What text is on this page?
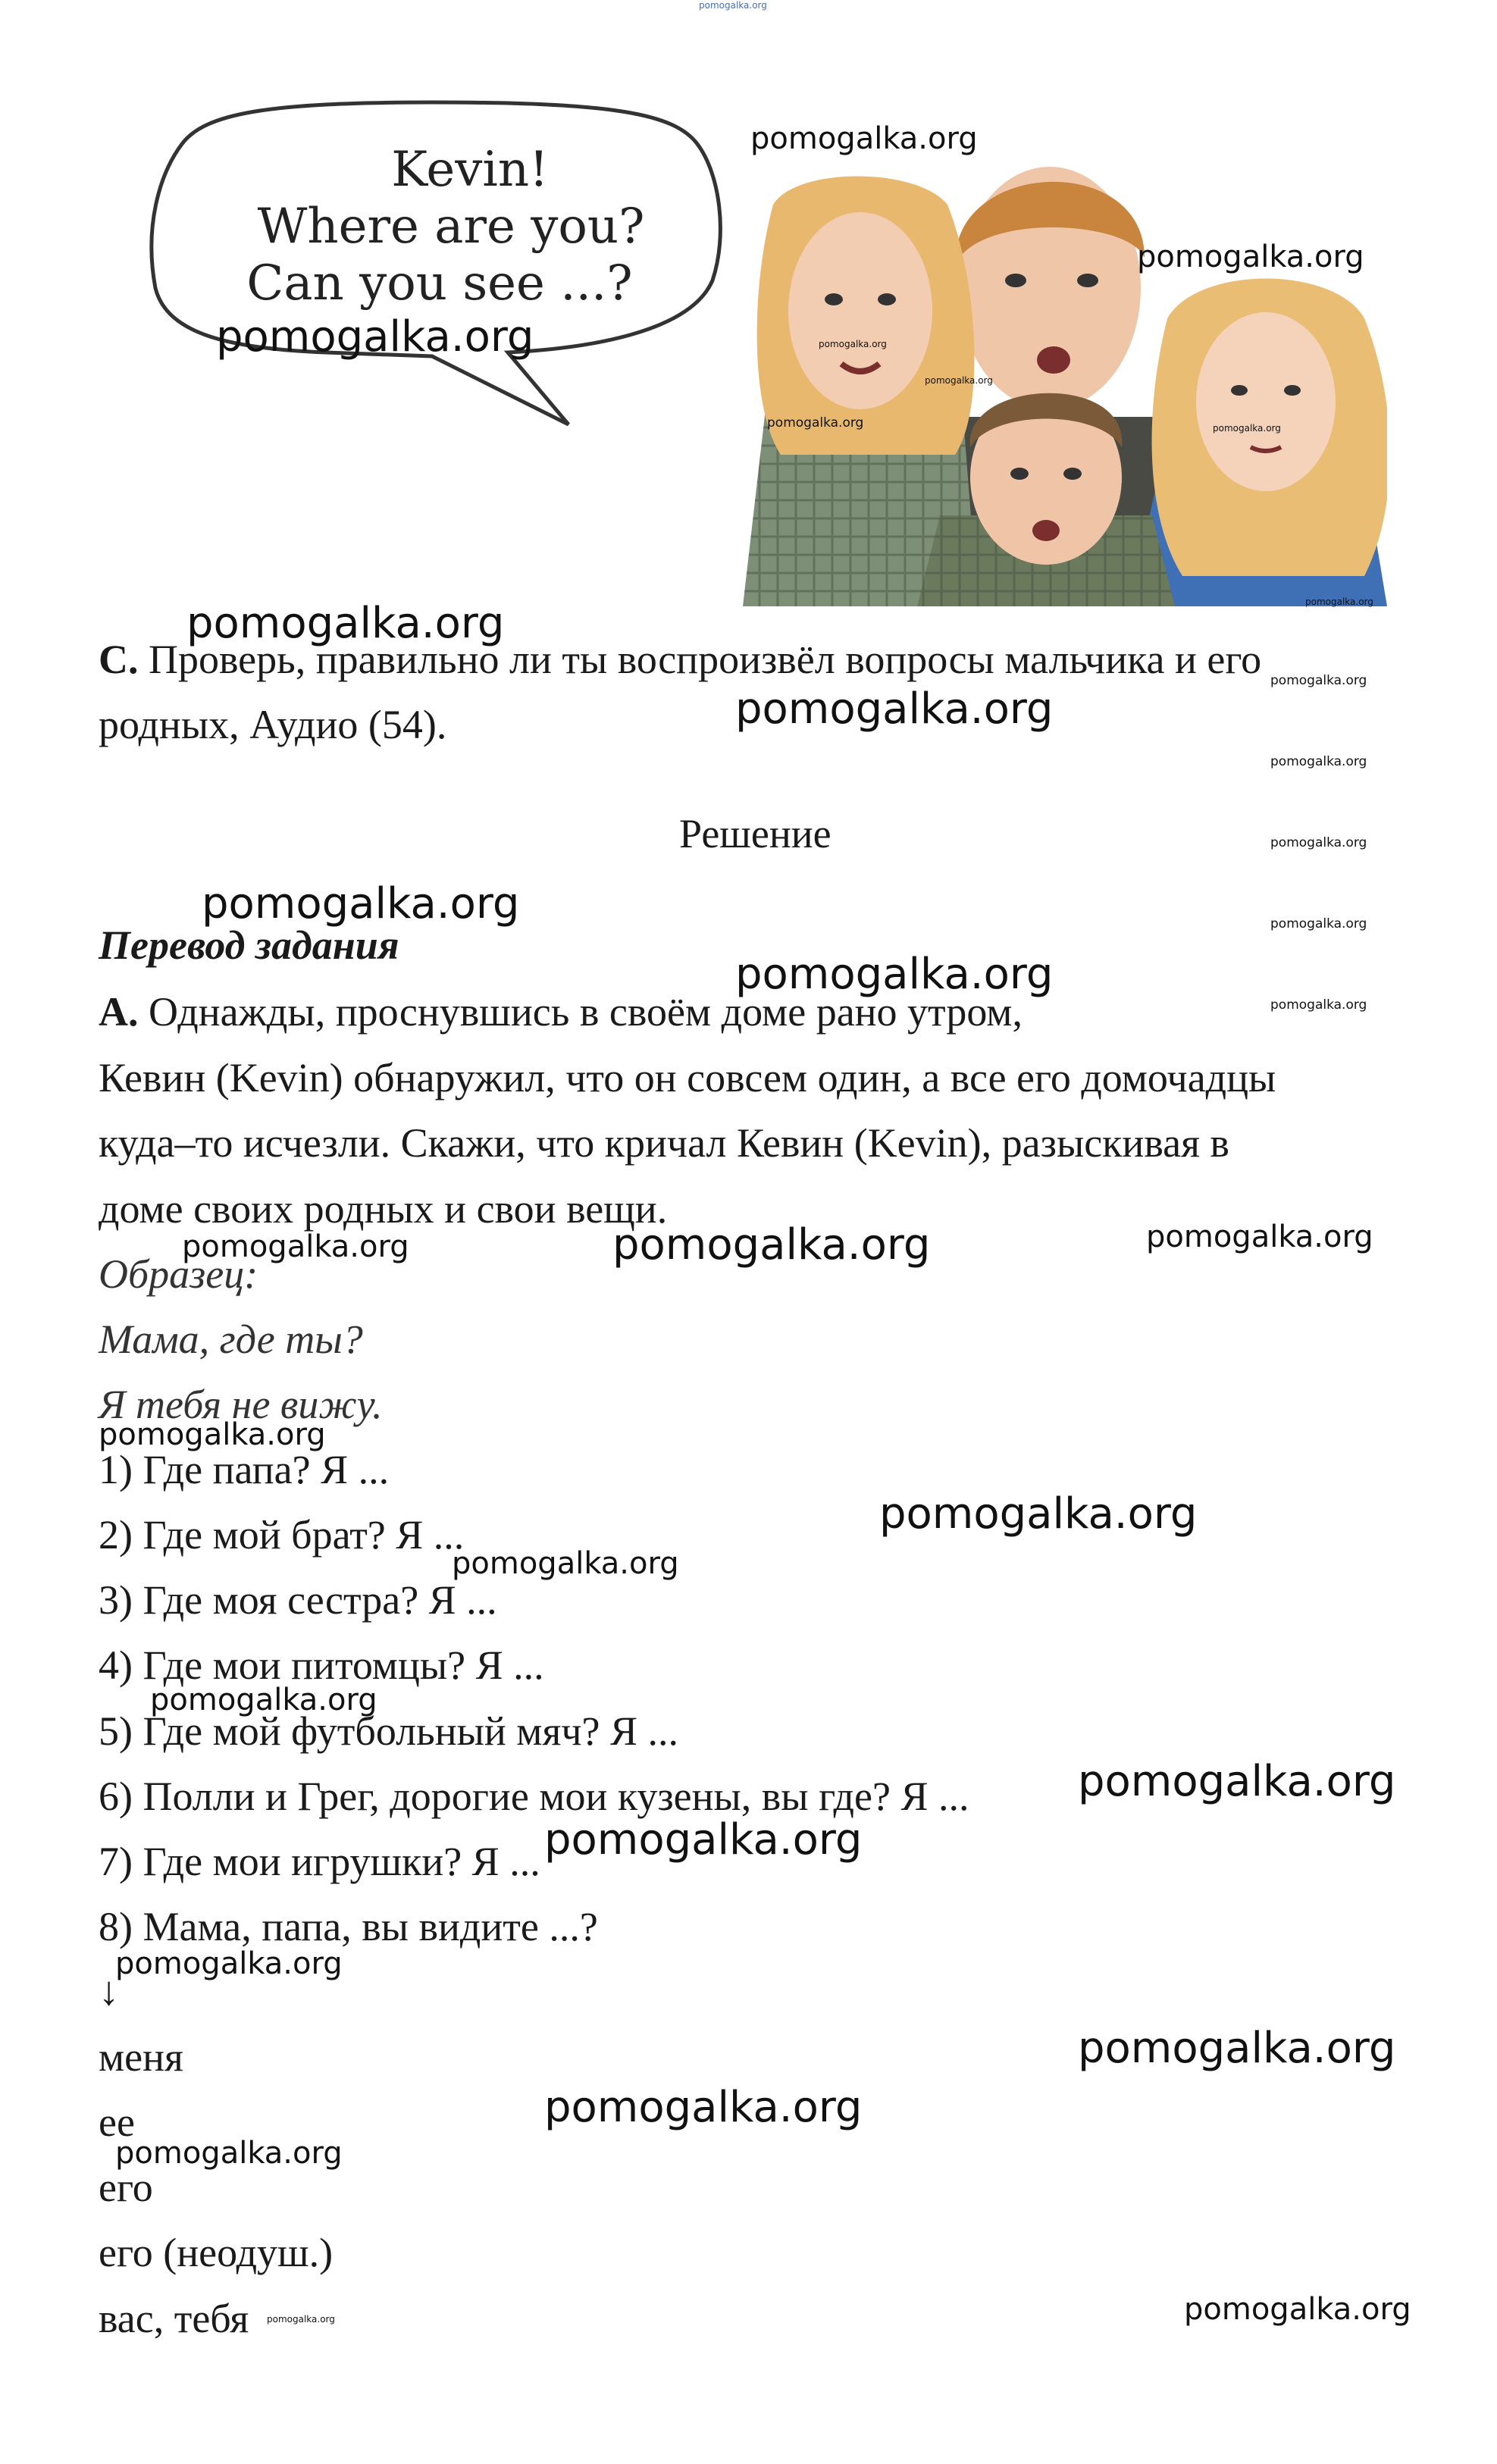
pomogalka.org
Kevin!
Where are you?
Can you see ...?
pomogalka.org
pomogalka.org
pomogalka.org	pomogalka.org
pomogalka.org
pomogalka.org	pomogalka.org
pomogalka.org
pomogalka.org
С. Проверь, правильно ли ты воспроизвёл вопросы мальчика и его pomogalka.org
родных, Аудио (54).	pomogalka.org
pomogalka.org
Решение	pomogalka.org
pomogalka.org
Перевод задания	pomogalka.org
pomogalka.org
pomogalka.org
А. Однажды, проснувшись в своём доме рано утром,
Кевин (Kevin) обнаружил, что он совсем один, а все его домочадцы
куда–то исчезли. Скажи, что кричал Кевин (Kevin), разыскивая в
доме своих родных и свои вещи.
pomogalka.org	pomogalka.org	pomogalka.org
Образец:
Мама, где ты?
Я тебя не вижу.
pomogalka.org
1) Где папа? Я ...
2) Где мой брат? Я ...	pomogalka.org
pomogalka.org
3) Где моя сестра? Я ...
4) Где мои питомцы? Я ...
pomogalka.org
5) Где мой футбольный мяч? Я ...
6) Полли и Грег, дорогие мои кузены, вы где? Я ...	pomogalka.org
7) Где мои игрушки? Я ... pomogalka.org
8) Мама, папа, вы видите ...?
pomogalka.org
↓
pomogalka.org
меня
pomogalka.org
ее
pomogalka.org
его
его (неодуш.)
вас, тебя pomogalka.org	pomogalka.org
